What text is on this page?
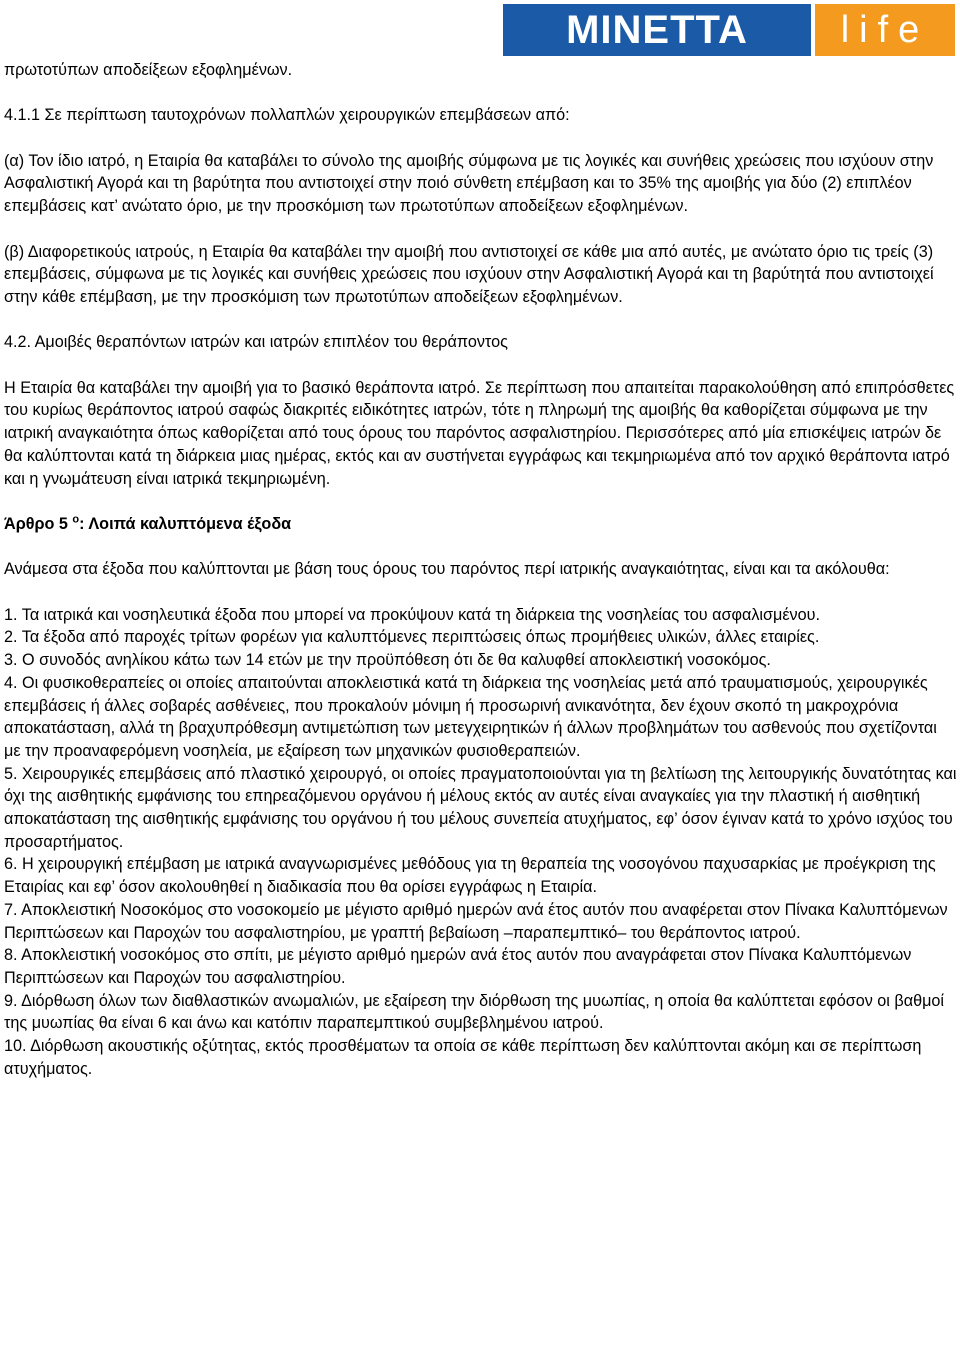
MINETTA	life

πρωτοτύπων αποδείξεων εξοφλημένων.

4.1.1 Σε περίπτωση ταυτοχρόνων πολλαπλών χειρουργικών επεμβάσεων από:

(α) Τον ίδιο ιατρό, η Εταιρία θα καταβάλει το σύνολο της αμοιβής σύμφωνα με τις λογικές και συνήθεις χρεώσεις που ισχύουν στην Ασφαλιστική Αγορά και τη βαρύτητα που αντιστοιχεί στην ποιό σύνθετη επέμβαση και το 35% της αμοιβής για δύο (2) επιπλέον επεμβάσεις κατ’ ανώτατο όριο, με την προσκόμιση των πρωτοτύπων αποδείξεων εξοφλημένων.

(β) Διαφορετικούς ιατρούς, η Εταιρία θα καταβάλει την αμοιβή που αντιστοιχεί σε κάθε μια από αυτές, με ανώτατο όριο τις τρείς (3) επεμβάσεις, σύμφωνα με τις λογικές και συνήθεις χρεώσεις που ισχύουν στην Ασφαλιστική Αγορά και τη βαρύτητά που αντιστοιχεί στην κάθε επέμβαση, με την προσκόμιση των πρωτοτύπων αποδείξεων εξοφλημένων.

4.2. Αμοιβές θεραπόντων ιατρών και ιατρών επιπλέον του θεράποντος

Η Εταιρία θα καταβάλει την αμοιβή για το βασικό θεράποντα ιατρό. Σε περίπτωση που απαιτείται παρακολούθηση από επιπρόσθετες του κυρίως θεράποντος ιατρού σαφώς διακριτές ειδικότητες ιατρών, τότε η πληρωμή της αμοιβής θα καθορίζεται σύμφωνα με την ιατρική αναγκαιότητα όπως καθορίζεται από τους όρους του παρόντος ασφαλιστηρίου. Περισσότερες από μία επισκέψεις ιατρών δε θα καλύπτονται κατά τη διάρκεια μιας ημέρας, εκτός και αν συστήνεται εγγράφως και τεκμηριωμένα από τον αρχικό θεράποντα ιατρό και η γνωμάτευση είναι ιατρικά τεκμηριωμένη.

Άρθρο 5 $^o$: Λοιπά καλυπτόμενα έξοδα

Ανάμεσα στα έξοδα που καλύπτονται με βάση τους όρους του παρόντος περί ιατρικής αναγκαιότητας, είναι και τα ακόλουθα:

1. Τα ιατρικά και νοσηλευτικά έξοδα που μπορεί να προκύψουν κατά τη διάρκεια της νοσηλείας του ασφαλισμένου.

2. Τα έξοδα από παροχές τρίτων φορέων για καλυπτόμενες περιπτώσεις όπως προμήθειες υλικών, άλλες εταιρίες.

3. Ο συνοδός ανηλίκου κάτω των 14 ετών με την προϋπόθεση ότι δε θα καλυφθεί αποκλειστική νοσοκόμος.

4. Οι φυσικοθεραπείες οι οποίες απαιτούνται αποκλειστικά κατά τη διάρκεια της νοσηλείας μετά από τραυματισμούς, χειρουργικές επεμβάσεις ή άλλες σοβαρές ασθένειες, που προκαλούν μόνιμη ή προσωρινή ανικανότητα, δεν έχουν σκοπό τη μακροχρόνια αποκατάσταση, αλλά τη βραχυπρόθεσμη αντιμετώπιση των μετεγχειρητικών ή άλλων προβλημάτων του ασθενούς που σχετίζονται με την προαναφερόμενη νοσηλεία, με εξαίρεση των μηχανικών φυσιοθεραπειών.

5. Χειρουργικές επεμβάσεις από πλαστικό χειρουργό, οι οποίες πραγματοποιούνται για τη βελτίωση της λειτουργικής δυνατότητας και όχι της αισθητικής εμφάνισης του επηρεαζόμενου οργάνου ή μέλους εκτός αν αυτές είναι αναγκαίες για την πλαστική ή αισθητική αποκατάσταση της αισθητικής εμφάνισης του οργάνου ή του μέλους συνεπεία ατυχήματος, εφ’ όσον έγιναν κατά το χρόνο ισχύος του προσαρτήματος.

6. Η χειρουργική επέμβαση με ιατρικά αναγνωρισμένες μεθόδους για τη θεραπεία της νοσογόνου παχυσαρκίας με προέγκριση της Εταιρίας και εφ’ όσον ακολουθηθεί η διαδικασία που θα ορίσει εγγράφως η Εταιρία.

7. Αποκλειστική Νοσοκόμος στο νοσοκομείο με μέγιστο αριθμό ημερών ανά έτος αυτόν που αναφέρεται στον Πίνακα Καλυπτόμενων Περιπτώσεων και Παροχών του ασφαλιστηρίου, με γραπτή βεβαίωση –παραπεμπτικό– του θεράποντος ιατρού.

8. Αποκλειστική νοσοκόμος στο σπίτι, με μέγιστο αριθμό ημερών ανά έτος αυτόν που αναγράφεται στον Πίνακα Καλυπτόμενων Περιπτώσεων και Παροχών του ασφαλιστηρίου.

9. Διόρθωση όλων των διαθλαστικών ανωμαλιών, με εξαίρεση την διόρθωση της μυωπίας, η οποία θα καλύπτεται εφόσον οι βαθμοί της μυωπίας θα είναι 6 και άνω και κατόπιν παραπεμπτικού συμβεβλημένου ιατρού.

10. Διόρθωση ακουστικής οξύτητας, εκτός προσθέματων τα οποία σε κάθε περίπτωση δεν καλύπτονται ακόμη και σε περίπτωση ατυχήματος.
